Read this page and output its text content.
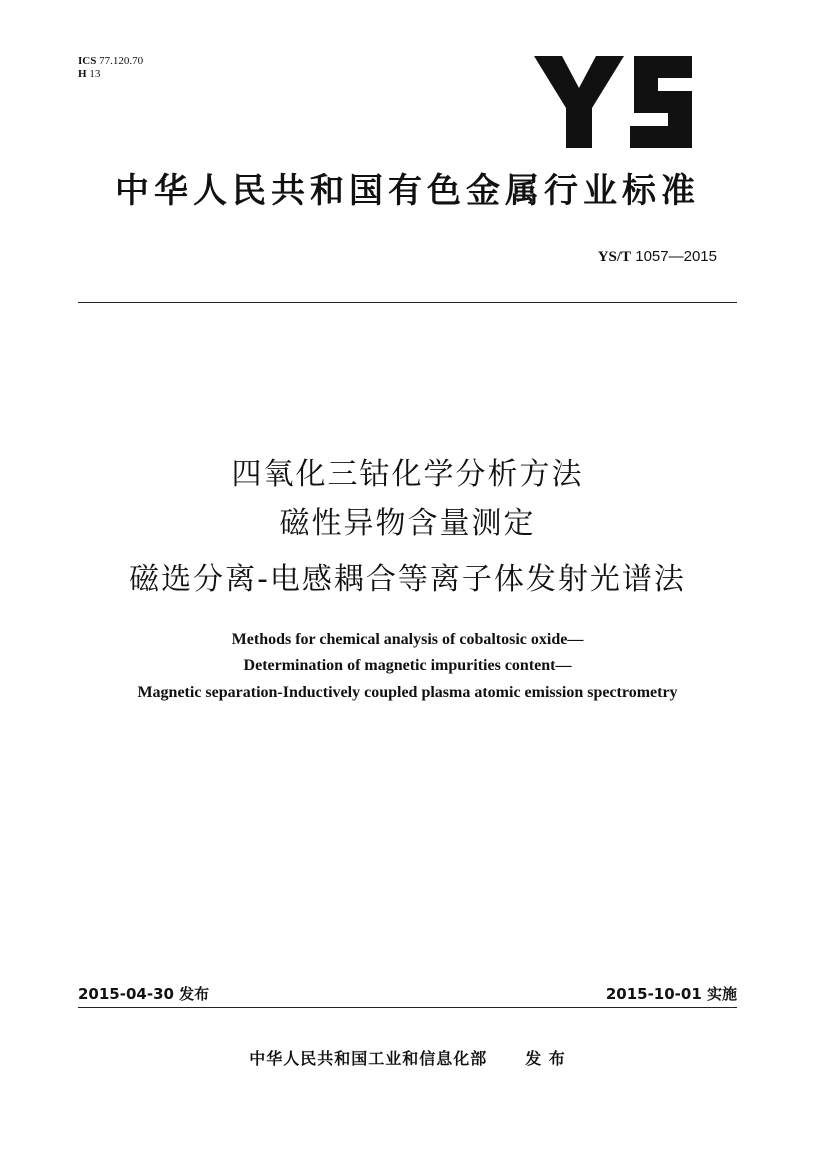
ICS 77.120.70
H 13
中华人民共和国有色金属行业标准
YS/T 1057—2015
四氧化三钴化学分析方法
磁性异物含量测定
磁选分离-电感耦合等离子体发射光谱法
Methods for chemical analysis of cobaltosic oxide—
Determination of magnetic impurities content—
Magnetic separation-Inductively coupled plasma atomic emission spectrometry
2015-04-30 发布	2015-10-01 实施
中华人民共和国工业和信息化部 发 布
